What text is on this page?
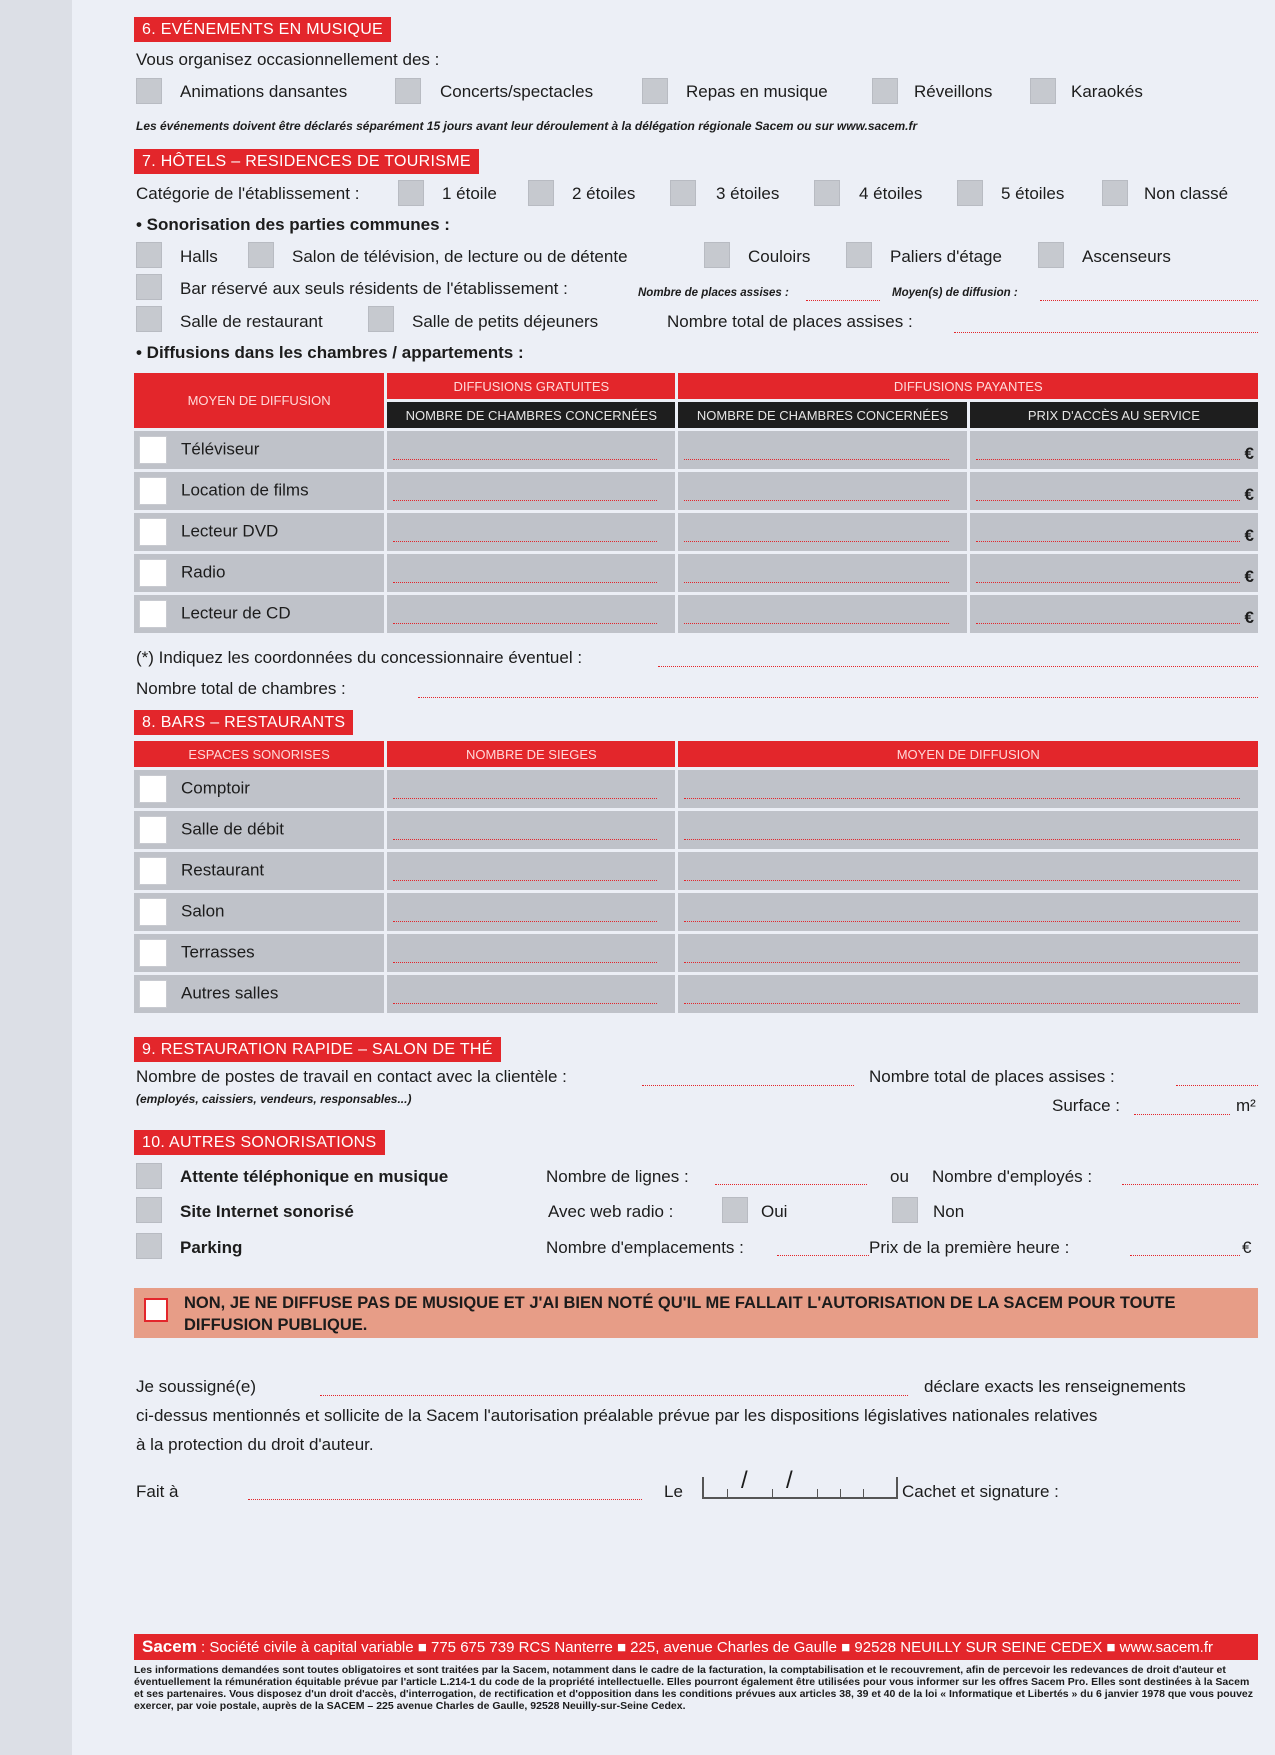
6. EVÉNEMENTS EN MUSIQUE
Vous organisez occasionnellement des :
Animations dansantes	Concerts/spectacles	Repas en musique	Réveillons	Karaokés
Les événements doivent être déclarés séparément 15 jours avant leur déroulement à la délégation régionale Sacem ou sur www.sacem.fr
7. HÔTELS – RESIDENCES DE TOURISME
Catégorie de l'établissement :	1 étoile	2 étoiles	3 étoiles	4 étoiles	5 étoiles	Non classé
• Sonorisation des parties communes :
Halls	Salon de télévision, de lecture ou de détente	Couloirs	Paliers d'étage	Ascenseurs
Bar réservé aux seuls résidents de l'établissement :	Nombre de places assises :	Moyen(s) de diffusion :
Salle de restaurant	Salle de petits déjeuners	Nombre total de places assises :
• Diffusions dans les chambres / appartements :
MOYEN DE DIFFUSION	DIFFUSIONS GRATUITES	DIFFUSIONS PAYANTES	
	NOMBRE DE CHAMBRES CONCERNÉES	NOMBRE DE CHAMBRES CONCERNÉES	PRIX D'ACCÈS AU SERVICE
Téléviseur			€

Location de films			€

Lecteur DVD			€

Radio			€

Lecteur de CD			€
(*) Indiquez les coordonnées du concessionnaire éventuel :
Nombre total de chambres :
8. BARS – RESTAURANTS
ESPACES SONORISES	NOMBRE DE SIEGES	MOYEN DE DIFFUSION
Comptoir	

Salle de débit	

Restaurant	

Salon	

Terrasses	

Autres salles	

9. RESTAURATION RAPIDE – SALON DE THÉ
Nombre de postes de travail en contact avec la clientèle :
(employés, caissiers, vendeurs, responsables...)
Nombre total de places assises :
Surface :	m²
10. AUTRES SONORISATIONS
Attente téléphonique en musique	Nombre de lignes :	ou Nombre d'employés :
Site Internet sonorisé	Avec web radio :	Oui	Non
Parking	Nombre d'emplacements :	Prix de la première heure :	€
NON, JE NE DIFFUSE PAS DE MUSIQUE ET J'AI BIEN NOTÉ QU'IL ME FALLAIT L'AUTORISATION DE LA SACEM POUR TOUTE DIFFUSION PUBLIQUE.
Je soussigné(e)	déclare exacts les renseignements
ci-dessus mentionnés et sollicite de la Sacem l'autorisation préalable prévue par les dispositions législatives nationales relatives
à la protection du droit d'auteur.
Fait à	Le / /	Cachet et signature :
Sacem : Société civile à capital variable ■ 775 675 739 RCS Nanterre ■ 225, avenue Charles de Gaulle ■ 92528 NEUILLY SUR SEINE CEDEX ■ www.sacem.fr
Les informations demandées sont toutes obligatoires et sont traitées par la Sacem, notamment dans le cadre de la facturation, la comptabilisation et le recouvrement, afin de percevoir les redevances de droit d'auteur et éventuellement la rémunération équitable prévue par l'article L.214-1 du code de la propriété intellectuelle. Elles pourront également être utilisées pour vous informer sur les offres Sacem Pro. Elles sont destinées à la Sacem et ses partenaires. Vous disposez d'un droit d'accès, d'interrogation, de rectification et d'opposition dans les conditions prévues aux articles 38, 39 et 40 de la loi « Informatique et Libertés » du 6 janvier 1978 que vous pouvez exercer, par voie postale, auprès de la SACEM – 225 avenue Charles de Gaulle, 92528 Neuilly-sur-Seine Cedex.
